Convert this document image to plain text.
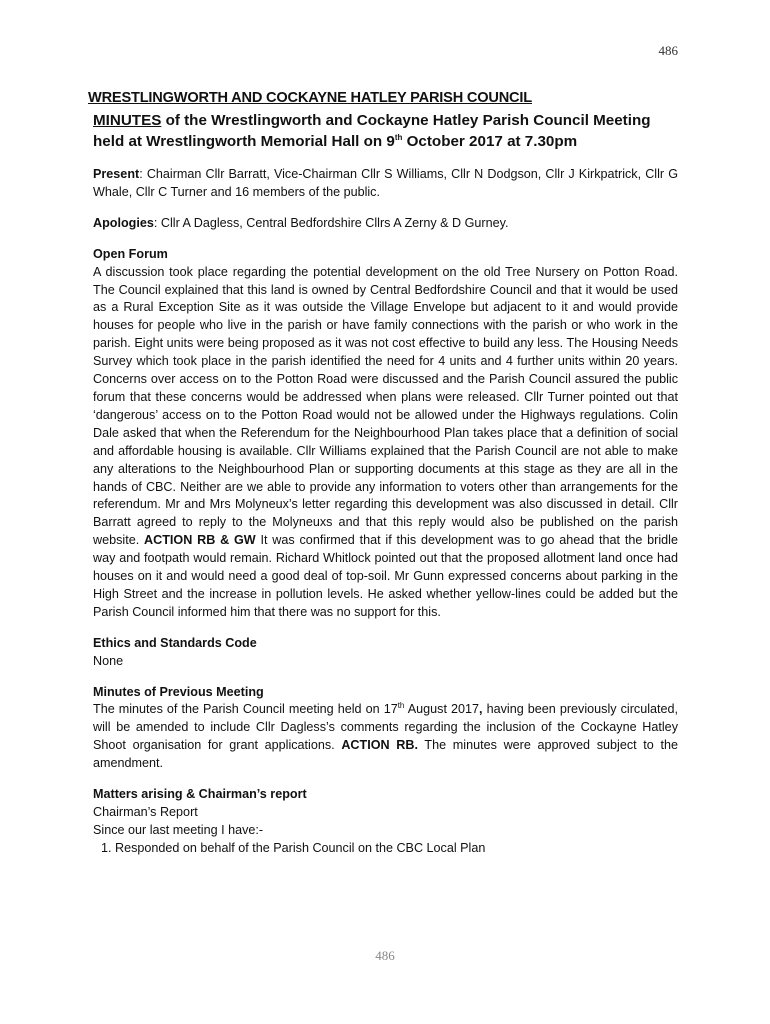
486
WRESTLINGWORTH AND COCKAYNE HATLEY PARISH COUNCIL
MINUTES of the Wrestlingworth and Cockayne Hatley Parish Council Meeting held at Wrestlingworth Memorial Hall on 9th October 2017 at 7.30pm

Present: Chairman Cllr Barratt, Vice-Chairman Cllr S Williams, Cllr N Dodgson, Cllr J Kirkpatrick, Cllr G Whale, Cllr C Turner and 16 members of the public.

Apologies: Cllr A Dagless, Central Bedfordshire Cllrs A Zerny & D Gurney.

Open Forum
A discussion took place regarding the potential development on the old Tree Nursery on Potton Road. The Council explained that this land is owned by Central Bedfordshire Council and that it would be used as a Rural Exception Site as it was outside the Village Envelope but adjacent to it and would provide houses for people who live in the parish or have family connections with the parish or who work in the parish. Eight units were being proposed as it was not cost effective to build any less. The Housing Needs Survey which took place in the parish identified the need for 4 units and 4 further units within 20 years. Concerns over access on to the Potton Road were discussed and the Parish Council assured the public forum that these concerns would be addressed when plans were released. Cllr Turner pointed out that ‘dangerous’ access on to the Potton Road would not be allowed under the Highways regulations. Colin Dale asked that when the Referendum for the Neighbourhood Plan takes place that a definition of social and affordable housing is available. Cllr Williams explained that the Parish Council are not able to make any alterations to the Neighbourhood Plan or supporting documents at this stage as they are all in the hands of CBC. Neither are we able to provide any information to voters other than arrangements for the referendum. Mr and Mrs Molyneux’s letter regarding this development was also discussed in detail. Cllr Barratt agreed to reply to the Molyneuxs and that this reply would also be published on the parish website. ACTION RB & GW It was confirmed that if this development was to go ahead that the bridle way and footpath would remain. Richard Whitlock pointed out that the proposed allotment land once had houses on it and would need a good deal of top-soil. Mr Gunn expressed concerns about parking in the High Street and the increase in pollution levels. He asked whether yellow-lines could be added but the Parish Council informed him that there was no support for this.
Ethics and Standards Code
None
Minutes of Previous Meeting
The minutes of the Parish Council meeting held on 17th August 2017, having been previously circulated, will be amended to include Cllr Dagless’s comments regarding the inclusion of the Cockayne Hatley Shoot organisation for grant applications. ACTION RB. The minutes were approved subject to the amendment.
Matters arising & Chairman’s report
Chairman’s Report
Since our last meeting I have:-
1. Responded on behalf of the Parish Council on the CBC Local Plan
486
